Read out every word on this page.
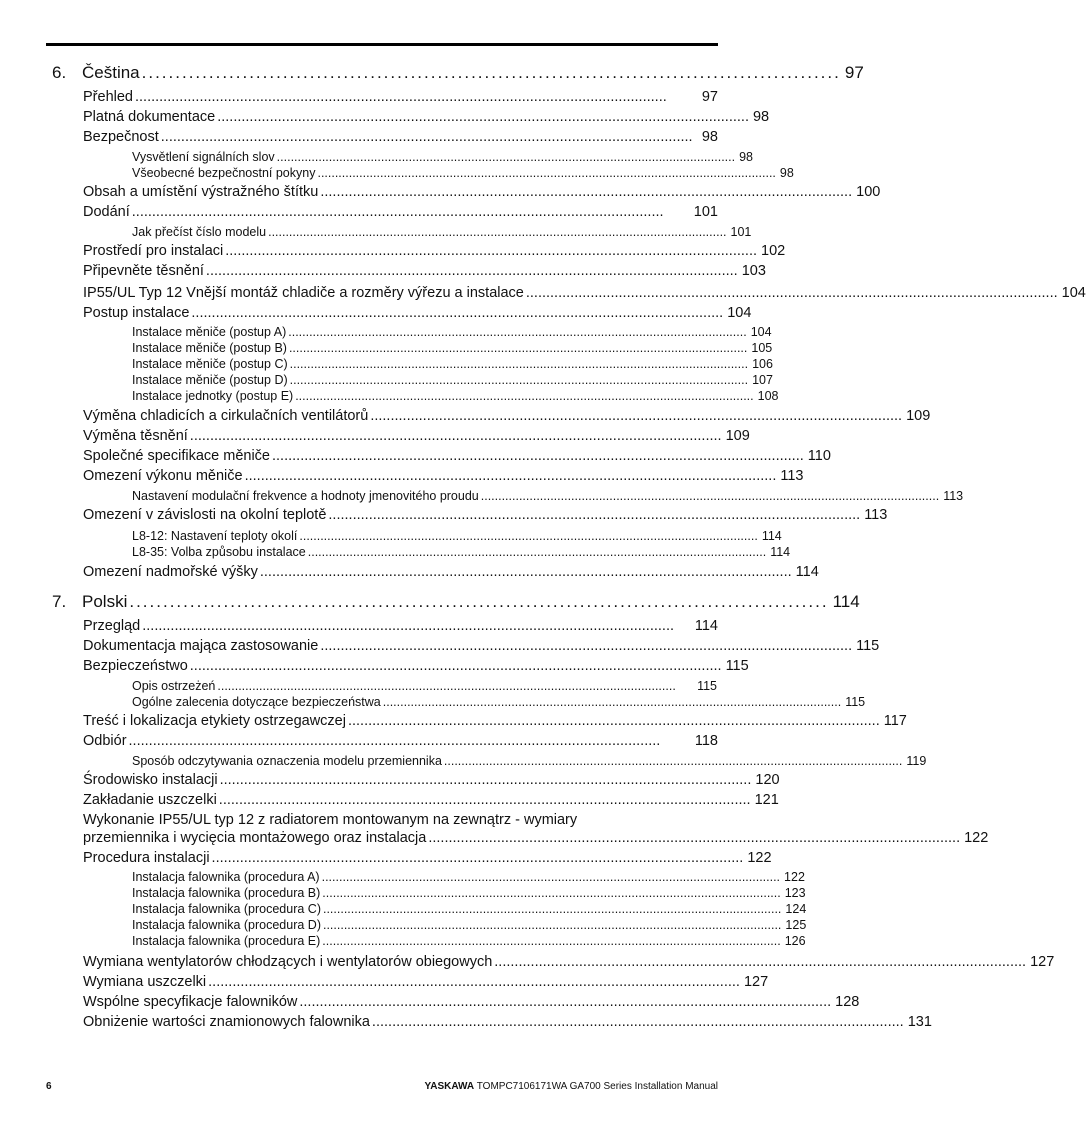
6. Čeština ........................................................................................................ 97
Přehled ....................................................................................................................................	97
Platná dokumentace .................................................................................................................................... 98
Bezpečnost .................................................................................................................................... 98
Vysvětlení signálních slov .................................................................................................................................... 98
Všeobecné bezpečnostní pokyny .................................................................................................................................... 98
Obsah a umístění výstražného štítku .................................................................................................................................... 100
Dodání ....................................................................................................................................	101
Jak přečíst číslo modelu .................................................................................................................................... 101
Prostředí pro instalaci .................................................................................................................................... 102
Připevněte těsnění .................................................................................................................................... 103
IP55/UL Typ 12 Vnější montáž chladiče a rozměry výřezu a instalace .................................................................................................................................... 104
Postup instalace .................................................................................................................................... 104
Instalace měniče (postup A) .................................................................................................................................... 104
Instalace měniče (postup B) .................................................................................................................................... 105
Instalace měniče (postup C) .................................................................................................................................... 106
Instalace měniče (postup D) .................................................................................................................................... 107
Instalace jednotky (postup E) .................................................................................................................................... 108
Výměna chladicích a cirkulačních ventilátorů .................................................................................................................................... 109
Výměna těsnění .................................................................................................................................... 109
Společné specifikace měniče .................................................................................................................................... 110
Omezení výkonu měniče .................................................................................................................................... 113
Nastavení modulační frekvence a hodnoty jmenovitého proudu .................................................................................................................................... 113
Omezení v závislosti na okolní teplotě .................................................................................................................................... 113
L8-12: Nastavení teploty okolí .................................................................................................................................... 114
L8-35: Volba způsobu instalace .................................................................................................................................... 114
Omezení nadmořské výšky .................................................................................................................................... 114
7. Polski ........................................................................................................ 114
Przegląd ....................................................................................................................................	114
Dokumentacja mająca zastosowanie .................................................................................................................................... 115
Bezpieczeństwo .................................................................................................................................... 115
Opis ostrzeżeń ....................................................................................................................................	115
Ogólne zalecenia dotyczące bezpieczeństwa .................................................................................................................................... 115
Treść i lokalizacja etykiety ostrzegawczej .................................................................................................................................... 117
Odbiór ....................................................................................................................................	118
Sposób odczytywania oznaczenia modelu przemiennika .................................................................................................................................... 119
Środowisko instalacji .................................................................................................................................... 120
Zakładanie uszczelki .................................................................................................................................... 121
Wykonanie IP55/UL typ 12 z radiatorem montowanym na zewnątrz - wymiary
przemiennika i wycięcia montażowego oraz instalacja .................................................................................................................................... 122
Procedura instalacji .................................................................................................................................... 122
Instalacja falownika (procedura A) .................................................................................................................................... 122
Instalacja falownika (procedura B) .................................................................................................................................... 123
Instalacja falownika (procedura C) .................................................................................................................................... 124
Instalacja falownika (procedura D) .................................................................................................................................... 125
Instalacja falownika (procedura E) .................................................................................................................................... 126
Wymiana wentylatorów chłodzących i wentylatorów obiegowych .................................................................................................................................... 127
Wymiana uszczelki .................................................................................................................................... 127
Wspólne specyfikacje falowników .................................................................................................................................... 128
Obniżenie wartości znamionowych falownika .................................................................................................................................... 131
6	YASKAWA TOMPC7106171WA GA700 Series Installation Manual
